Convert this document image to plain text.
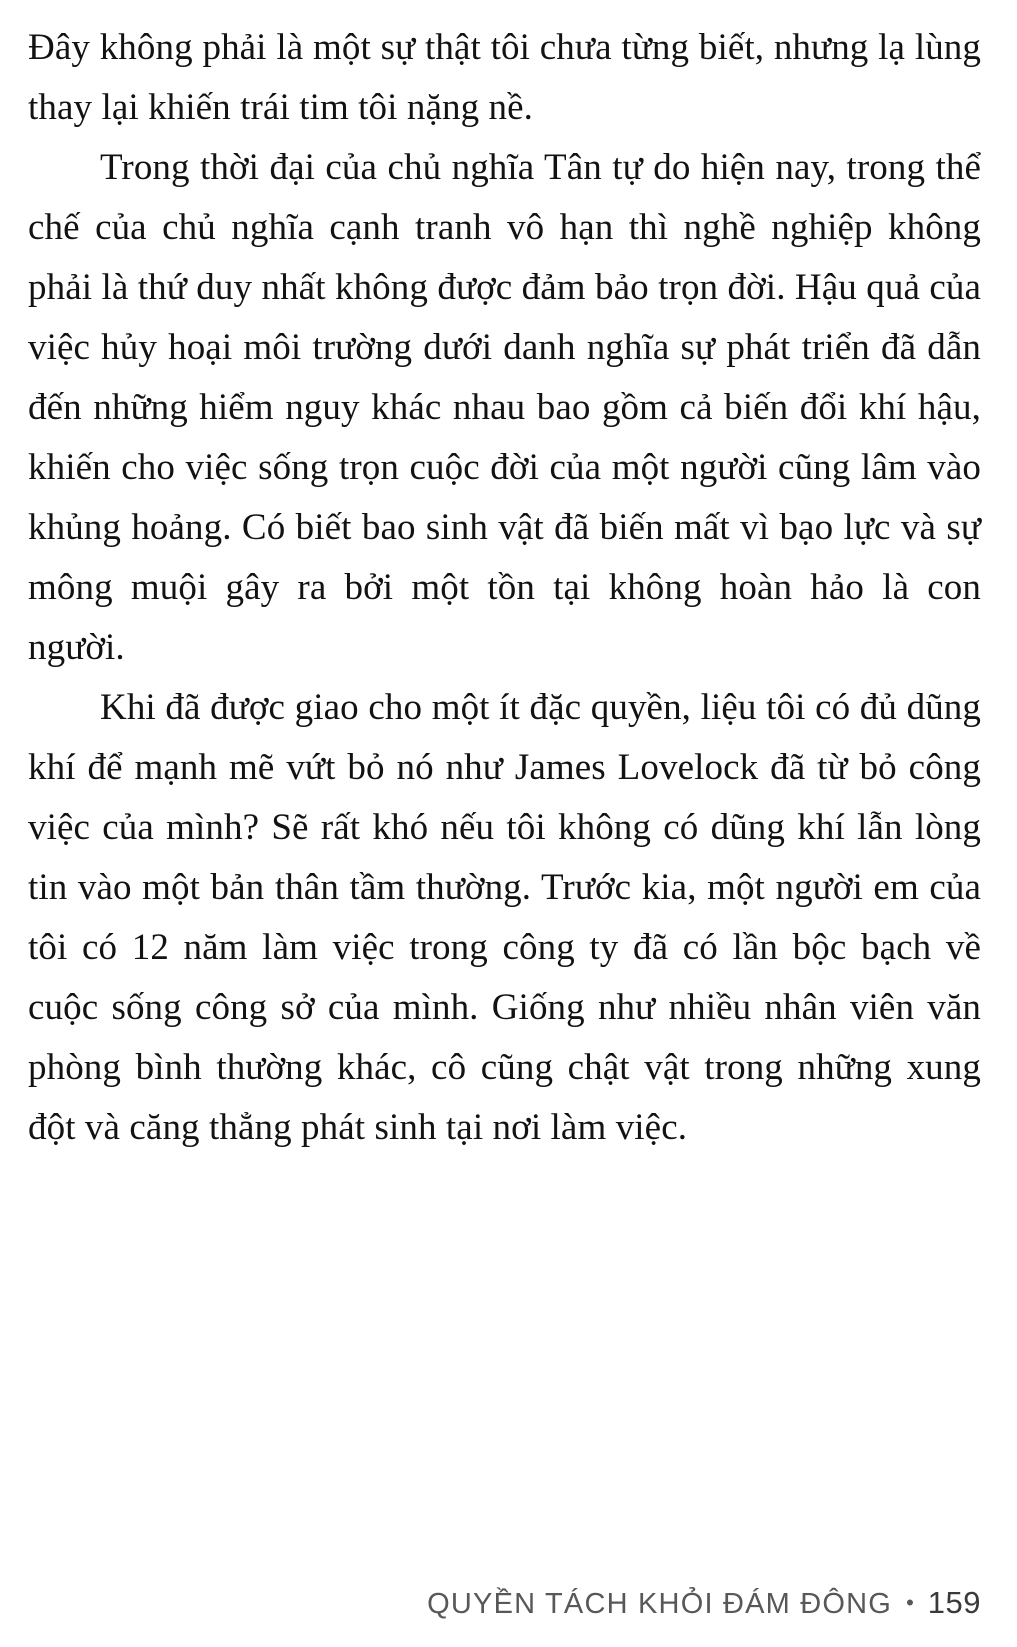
Đây không phải là một sự thật tôi chưa từng biết, nhưng lạ lùng thay lại khiến trái tim tôi nặng nề.

Trong thời đại của chủ nghĩa Tân tự do hiện nay, trong thể chế của chủ nghĩa cạnh tranh vô hạn thì nghề nghiệp không phải là thứ duy nhất không được đảm bảo trọn đời. Hậu quả của việc hủy hoại môi trường dưới danh nghĩa sự phát triển đã dẫn đến những hiểm nguy khác nhau bao gồm cả biến đổi khí hậu, khiến cho việc sống trọn cuộc đời của một người cũng lâm vào khủng hoảng. Có biết bao sinh vật đã biến mất vì bạo lực và sự mông muội gây ra bởi một tồn tại không hoàn hảo là con người.

Khi đã được giao cho một ít đặc quyền, liệu tôi có đủ dũng khí để mạnh mẽ vứt bỏ nó như James Lovelock đã từ bỏ công việc của mình? Sẽ rất khó nếu tôi không có dũng khí lẫn lòng tin vào một bản thân tầm thường. Trước kia, một người em của tôi có 12 năm làm việc trong công ty đã có lần bộc bạch về cuộc sống công sở của mình. Giống như nhiều nhân viên văn phòng bình thường khác, cô cũng chật vật trong những xung đột và căng thẳng phát sinh tại nơi làm việc.

QUYỀN TÁCH KHỎI ĐÁM ĐÔNG • 159
